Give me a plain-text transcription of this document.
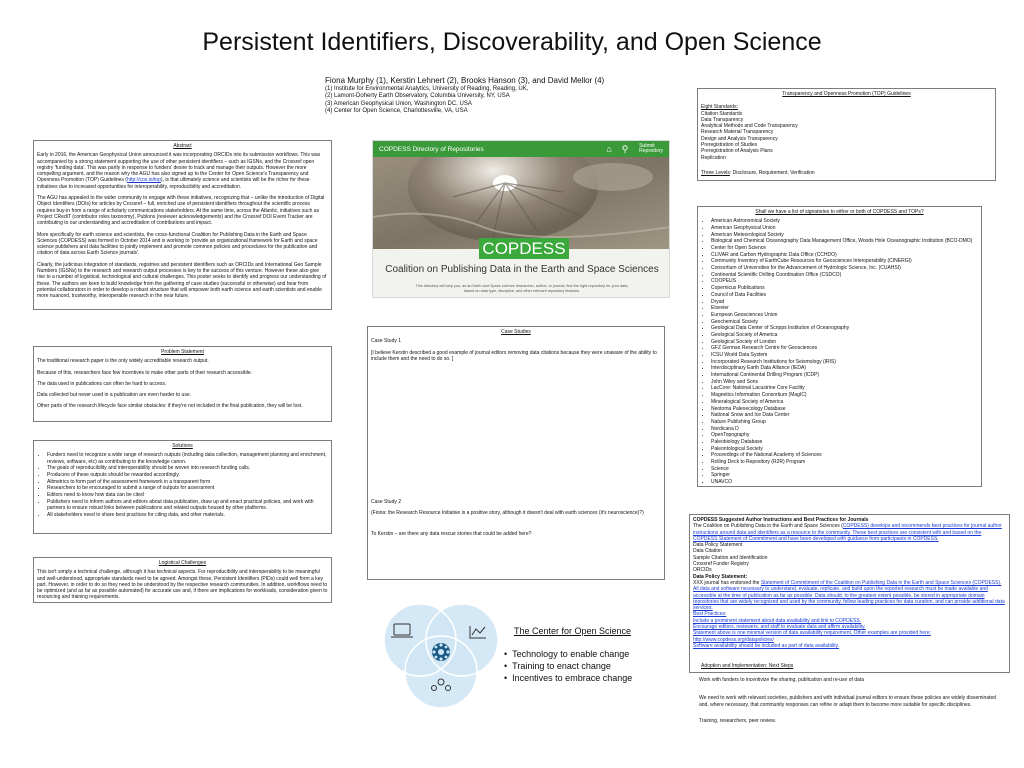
Persistent Identifiers, Discoverability, and Open Science
Fiona Murphy (1), Kerstin Lehnert (2), Brooks Hanson (3), and David Mellor (4)
(1) Institute for Environmental Analytics, University of Reading, Reading, UK,
(2) Lamont-Doherty Earth Observatory, Columbia University, NY, USA
(3) American Geophysical Union, Washington DC, USA
(4) Center for Open Science, Charlottesville, VA, USA
Abstract

Early in 2016, the American Geophysical Union announced it was incorporating ORCIDs into its submission workflows. This was accompanied by a strong statement supporting the use of other persistent identifiers – such as IGSNs, and the Crossref open registry 'funding data'. This was partly in response to funders' desire to track and manage their outputs. However the more compelling argument, and the reason why the AGU has also signed up to the Center for Open Science's Transparency and Openness Promotion (TOP) Guidelines (http://cos.io/top), is that ultimately science and scientists will be the richer for these initiatives due to increased opportunities for interoperability, reproducibility and accreditation.

The AGU has appealed to the wider community to engage with these initiatives, recognizing that – unlike the introduction of Digital Object Identifiers (DOIs) for articles by Crossref – full, enriched use of persistent identifiers throughout the scientific process requires buy-in from a range of scholarly communications stakeholders. At the same time, across the Atlantic, initiatives such as Project CRediT (contributor roles taxonomy), Publons (reviewer acknowledgements) and the Crossref DOI Event Tracker are contributing to our understanding and accreditation of contributions and impact.

More specifically for earth science and scientists, the cross-functional Coalition for Publishing Data in the Earth and Space Sciences (COPDESS) was formed in October 2014 and is working to 'provide an organizational framework for Earth and space science publishers and data facilities to jointly implement and promote common policies and procedures for the publication and citation of data across Earth Science journals'.

Clearly, the judicious integration of standards, registries and persistent identifiers such as ORCIDs and International Geo Sample Numbers (IGSNs) to the research and research output processes is key to the success of this venture. However these also give rise to a number of logistical, technological and cultural challenges. This poster seeks to identify and progress our understanding of these. The authors are keen to build knowledge from the gathering of case studies (successful or otherwise) and hear from potential collaborators in order to develop a robust structure that will empower both earth science and earth scientists and enable more nuanced, trustworthy, interoperable research in the near future.

Problem Statement

The traditional research paper is the only widely accreditable research output.

Because of this, researchers face few incentives to make other parts of their research accessible.

The data used in publications can often be hard to access.

Data collected but never used in a publication are even harder to use.

Other parts of the research lifecycle face similar obstacles: if they're not included in the final publication, they will be lost.

Solutions
• Funders need to recognize a wide range of research outputs (including data collection, management planning and enrichment, reviews, software, etc) as contributing to the knowledge canon.
• The goals of reproducibility and interoperability should be woven into research funding calls.
• Producers of these outputs should be rewarded accordingly.
• Altmetrics to form part of the assessment framework in a transparent form
• Researchers to be encouraged to submit a range of outputs for assessment
• Editors need to know how data can be cited
• Publishers need to inform authors and editors about data publication, draw up and enact practical policies, and work with partners to ensure robust links between publications and related outputs housed by other platforms.
• All stakeholders need to share best practices for citing data, and other materials.
Logistical Challenges

This isn't simply a technical challenge, although it has technical aspects. For reproducibility and interoperability to be meaningful and well-understood, appropriate standards need to be agreed. Amongst these, Persistent Identifiers (PIDs) could well form a key part. However, in order to do so they need to be understood by the respective research communities. In addition, workflows need to be optimized (and as far as possible automated) for accurate use and, if there are implications for workloads, consideration given to resourcing and training requirements.

COPDESS Directory of Repositories	⌂	⚲	Submit
Repository
COPDESS
Coalition on Publishing Data in the Earth and Space Sciences
This directory will help you, as an Earth and Space science researcher, author, or journal, find the right repository for your data, based on data type, discipline, and other relevant repository features.
Case Studies

Case Study 1

[I believe Kerstin described a good example of journal editors removing data citations because they were unaware of the ability to include them and the need to do so. ]

Case Study 2

(Fiona: the Research Resource Initiative is a positive story, although it doesn't deal with earth sciences (it's neuroscience)?)

To Kerstin – are there any data rescue stories that could be added here?

The Center for Open Science
• Technology to enable change
• Training to enact change
• Incentives to embrace change
Transparency and Openness Promotion (TOP) Guidelines
Eight Standards:
Citation Standards
Data Transparency
Analytical Methods and Code Transparency
Research Material Transparency
Design and Analysis Transparency
Preregistration of Studies
Preregistration of Analysis Plans
Replication
Three Levels: Disclosure, Requirement, Verification
Shall we have a list of signatories to either or both of COPDESS and TOPs?
• American Astronomical Society
• American Geophysical Union
• American Meteorological Society
• Biological and Chemical Oceanography Data Management Office, Woods Hole Oceanographic Institution (BCO-DMO)
• Center for Open Science
• CLIVAR and Carbon Hydrographic Data Office (CCHDO)
• Community Inventory of EarthCube Resources for Geosciences Interoperability (CINERGI)
• Consortium of Universities for the Advancement of Hydrologic Science, Inc. (CUAHSI)
• Continental Scientific Drilling Coordination Office (CSDCO)
• COOPEUS
• Copernicus Publications
• Council of Data Facilities
• Dryad
• Elsevier
• European Geosciences Union
• Geochemical Society
• Geological Data Center of Scripps Institution of Oceanography
• Geological Society of America
• Geological Society of London
• GFZ German Research Centre for Geosciences
• ICSU World Data System
• Incorporated Research Institutions for Seismology (IRIS)
• Interdisciplinary Earth Data Alliance (IEDA)
• International Continental Drilling Program (ICDP)
• John Wiley and Sons
• LacCore: National Lacustrine Core Facility
• Magnetics Information Consortium (MagIC)
• Mineralogical Society of America
• Neotoma Paleoecology Database
• National Snow and Ice Data Center
• Nature Publishing Group
• Nordicana D
• OpenTopography
• Paleobiology Database
• Paleontological Society
• Proceedings of the National Academy of Sciences
• Rolling Deck to Repository (R2R) Program
• Science
• Springer
• UNAVCO
COPDESS Suggested Author Instructions and Best Practices for Journals
The Coalition on Publishing Data in the Earth and Space Sciences (COPDESS) develops and recommends best practices for journal author instructions around data and identifiers as a resource to the community. These best practices are consistent with and based on the COPDESS Statement of Commitment and have been developed with guidance from participants in COPDESS.
Data Policy Statement
Data Citation
Sample Citation and Identification
Crossref Funder Registry
ORCIDs
Data Policy Statement:
XXX journal has endorsed the Statement of Commitment of the Coalition on Publishing Data in the Earth and Space Sciences (COPDESS). All data and software necessary to understand, evaluate, replicate, and build upon the reported research must be made available and accessible at the time of publication as far as possible. Data should, to the greatest extent possible, be stored in appropriate domain repositories that are widely recognized and used by the community, follow leading practices for data curation, and can provide additional data services.
Best Practices:
Include a prominent statement about data availability and link to COPDESS.
Encourage editors, reviewers, and staff to evaluate data and affirm availability.
Statement above is one minimal version of data availability requirement. Other examples are provided here:
http://www.copdess.org/datapolicies/
Software availability should be included as part of data availability.
Adoption and Implementation: Next Steps

Work with funders to incentivize the sharing, publication and re-use of data

We need to work with relevant societies, publishers and with individual journal editors to ensure these policies are widely disseminated and, where necessary, that community responses can refine or adapt them to become more suitable for specific disciplines.

Training, researchers, peer review.
